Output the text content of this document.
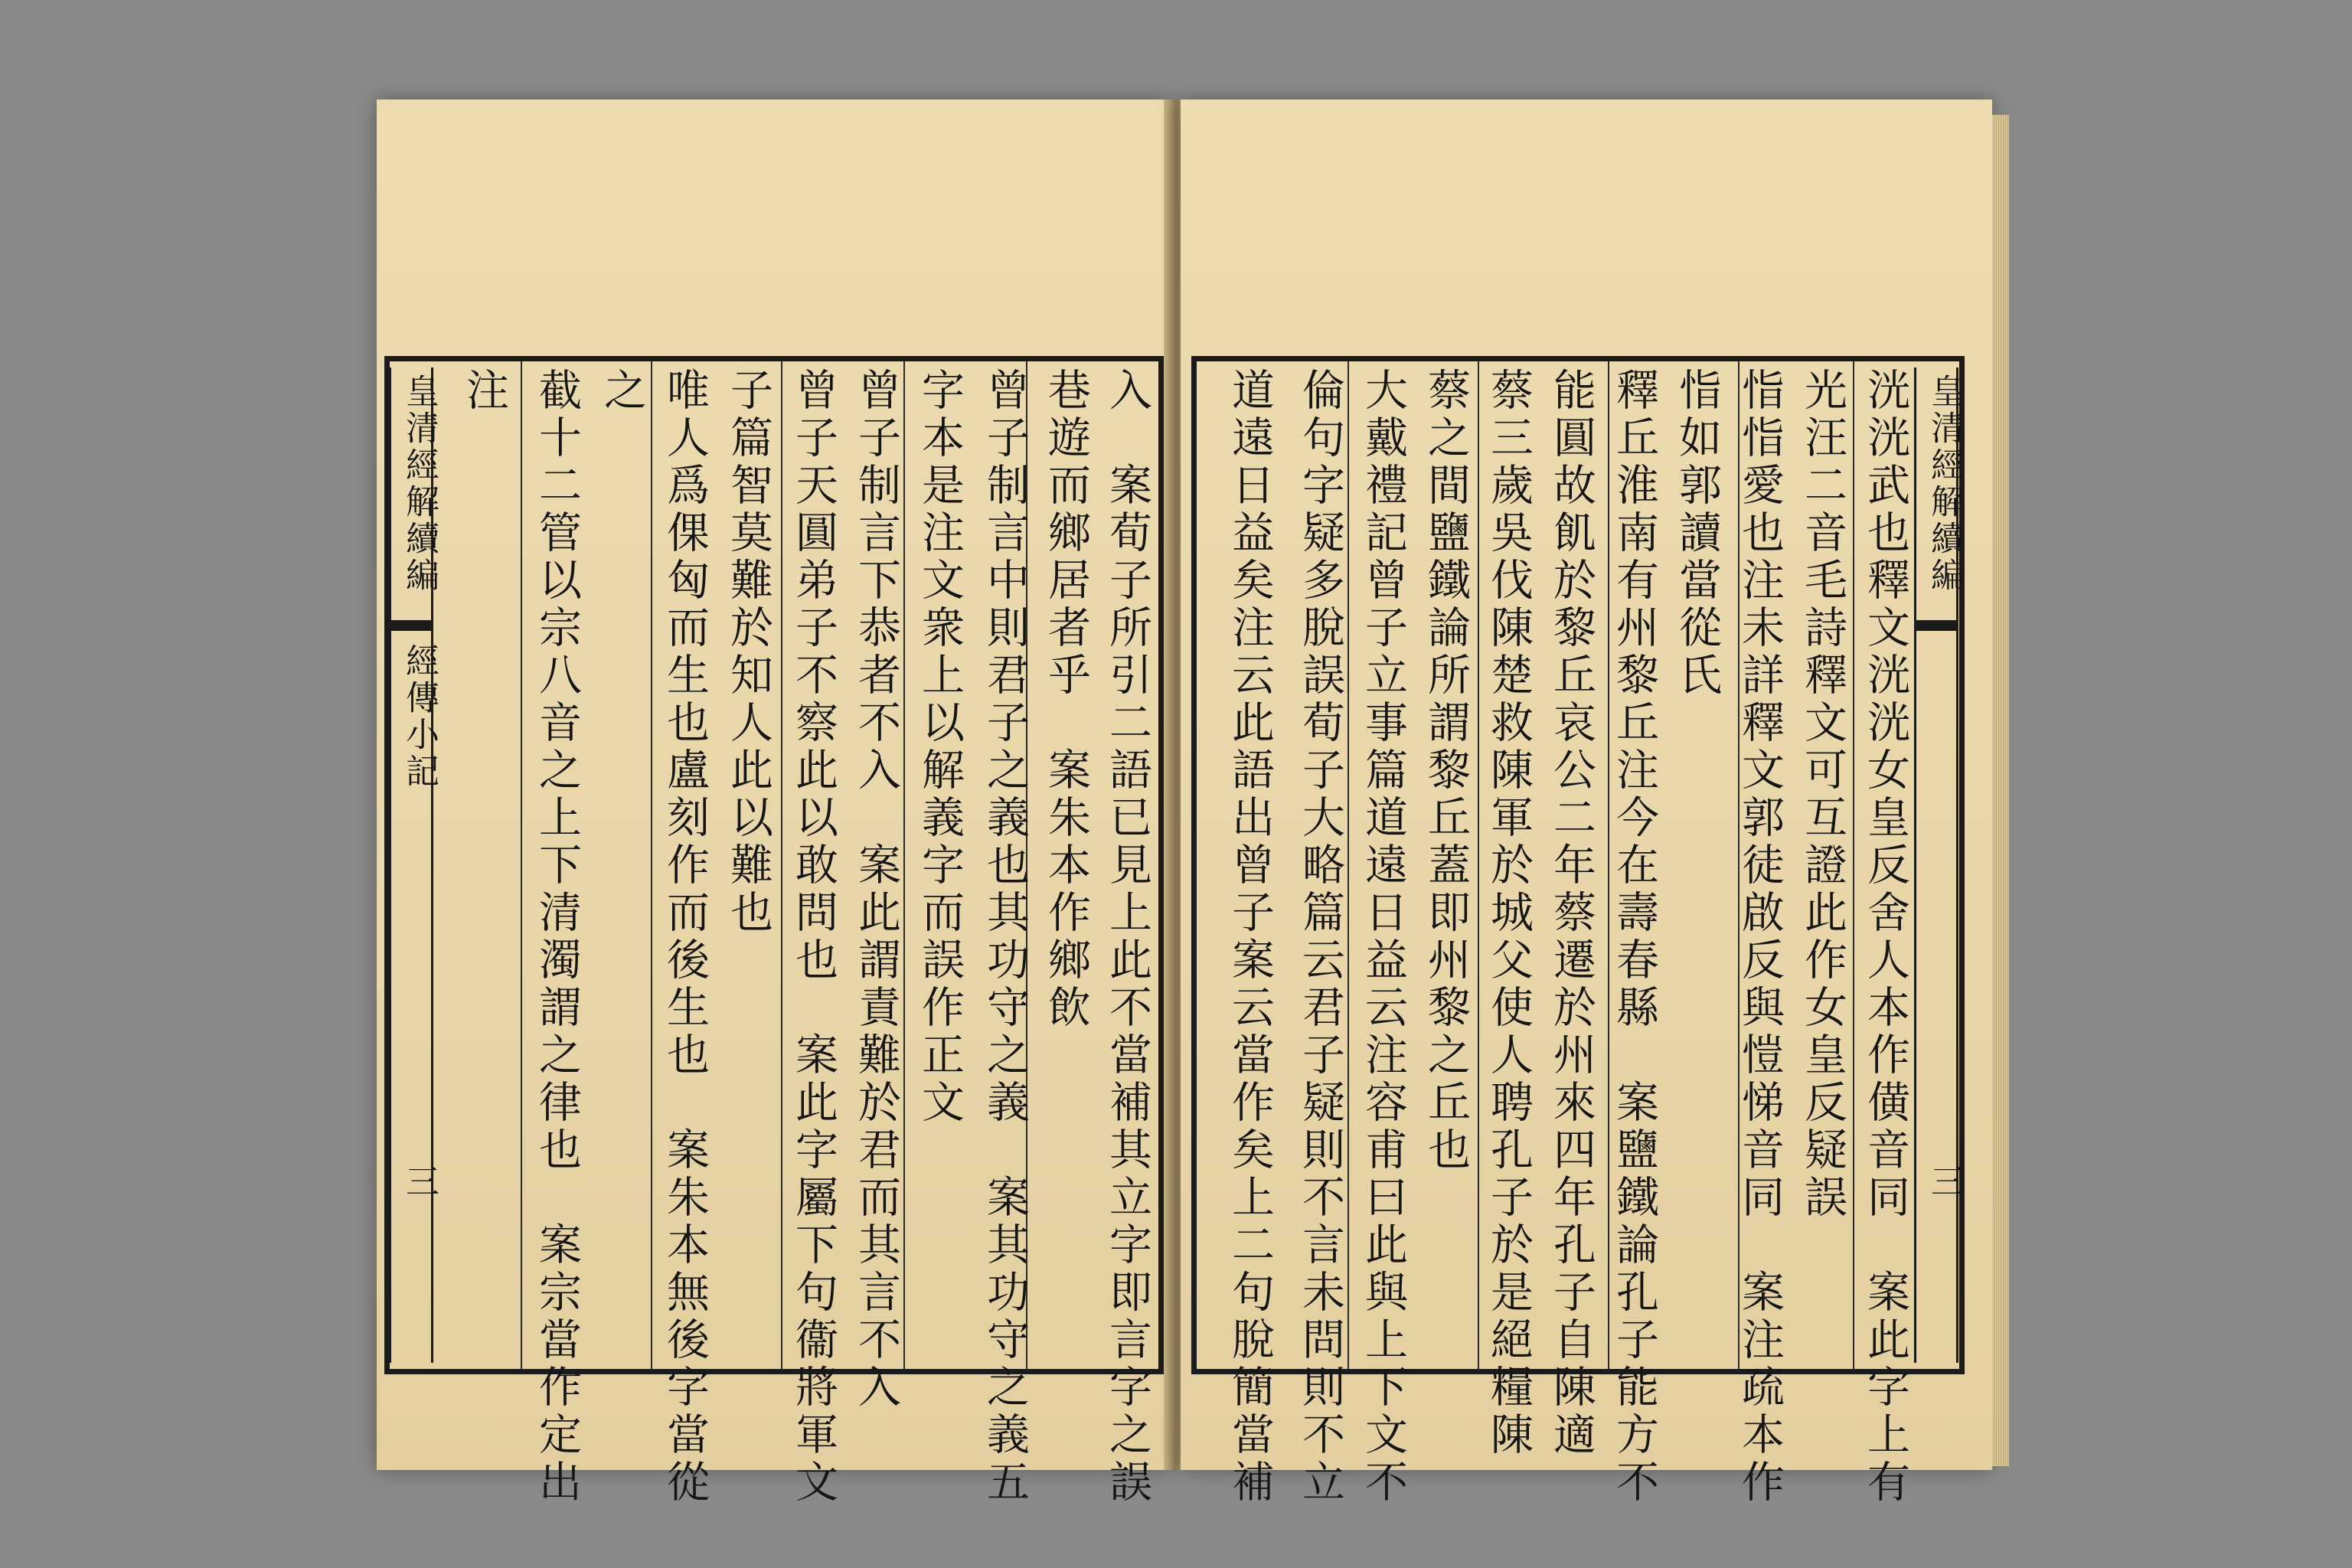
皇清經解續編
經傳小記
三
皇清經解續編
三
入　案荀子所引二語已見上此不當補其立字即言字之誤
巷遊而鄉居者乎　案朱本作鄉飲
曾子制言中則君子之義也其功守之義　案其功守之義五
字本是注文衆上以解義字而誤作正文
曾子制言下恭者不入　案此謂責難於君而其言不入
曾子天圓弟子不察此以敢問也　案此字屬下句衞將軍文
子篇智莫難於知人此以難也
唯人爲倮匈而生也盧刻作而後生也　案朱本無後字當從
之
截十二管以宗八音之上下清濁謂之律也　案宗當作定出
注	洸洸武也釋文洸洸女皇反舍人本作僙音同　案此字上有
光汪二音毛詩釋文可互證此作女皇反疑誤
恉恉愛也注未詳釋文郭徒啟反與愷悌音同　案注疏本作
恉如郭讀當從氏
釋丘淮南有州黎丘注今在壽春縣　案鹽鐵論孔子能方不
能圓故飢於黎丘哀公二年蔡遷於州來四年孔子自陳適
蔡三歲吳伐陳楚救陳軍於城父使人聘孔子於是絕糧陳
蔡之間鹽鐵論所謂黎丘蓋即州黎之丘也
大戴禮記曾子立事篇道遠日益云注容甫曰此與上下文不
倫句字疑多脫誤荀子大略篇云君子疑則不言未問則不立
道遠日益矣注云此語出曾子案云當作矣上二句脫簡當補
